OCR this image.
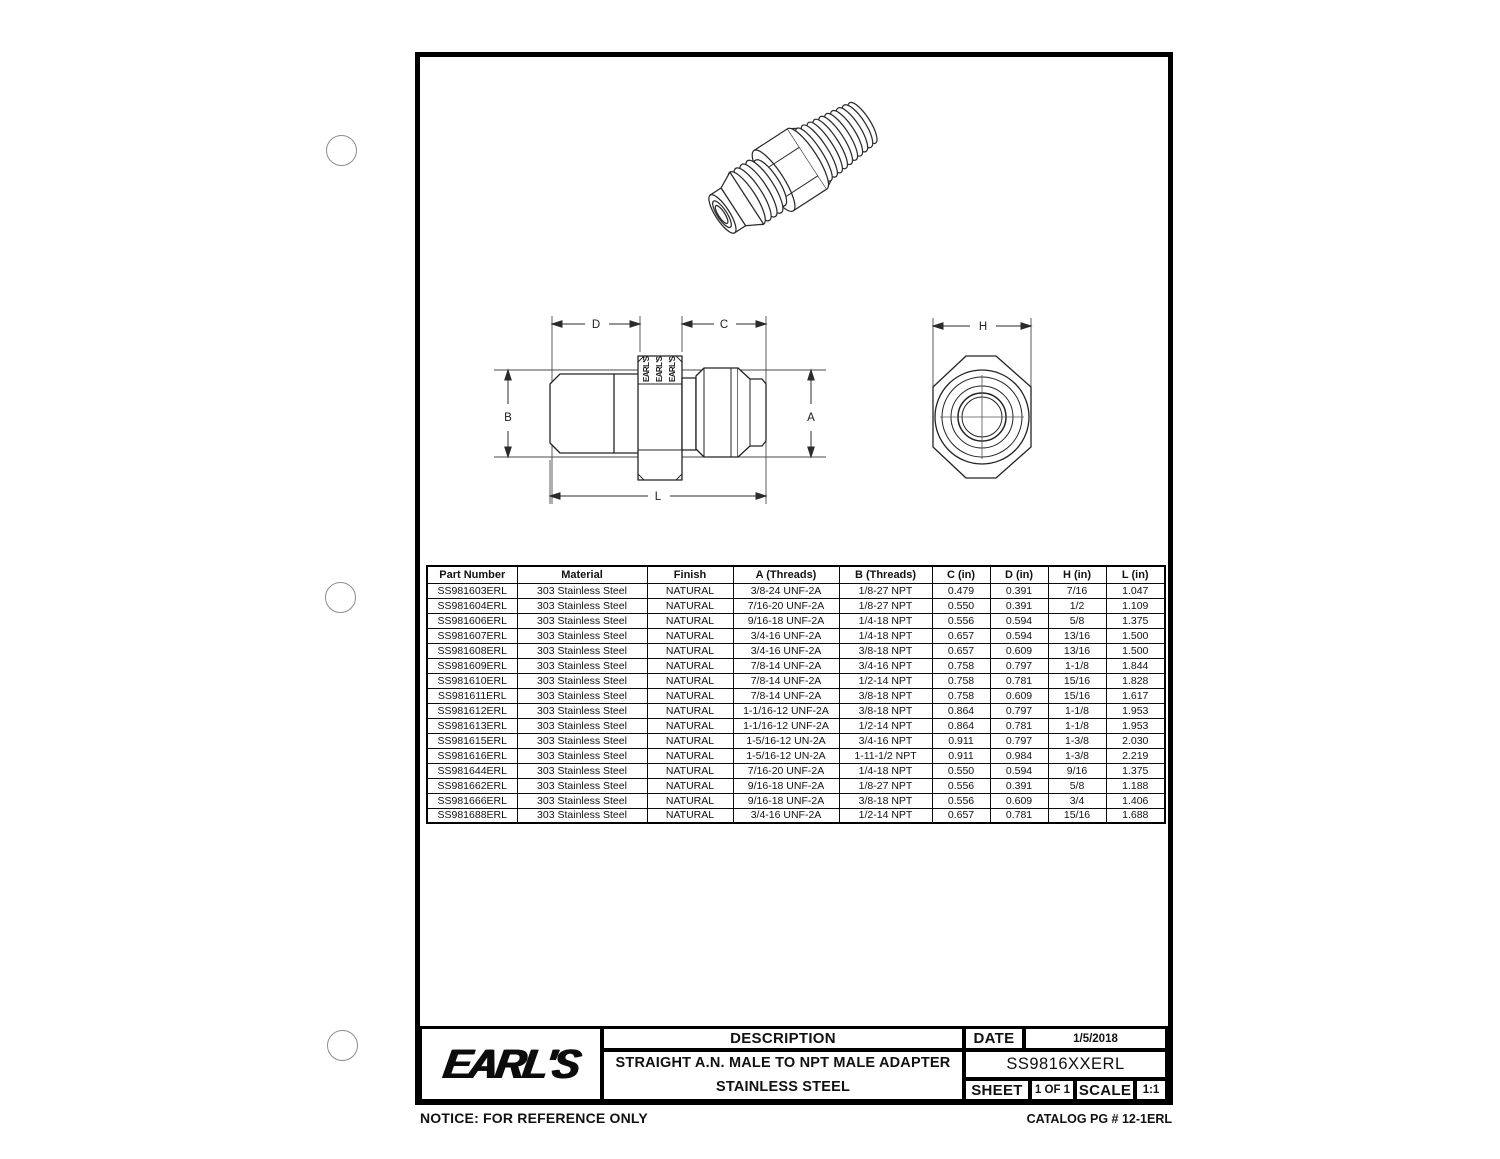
EARL'S EARL'S EARL'S
D	C
B	A
L
H
Part Number	Material	Finish	A (Threads)	B (Threads)	C (in)	D (in)	H (in)	L (in)
SS981603ERL	303 Stainless Steel	NATURAL	3/8-24 UNF-2A	1/8-27 NPT	0.479	0.391	7/16	1.047
SS981604ERL	303 Stainless Steel	NATURAL	7/16-20 UNF-2A	1/8-27 NPT	0.550	0.391	1/2	1.109
SS981606ERL	303 Stainless Steel	NATURAL	9/16-18 UNF-2A	1/4-18 NPT	0.556	0.594	5/8	1.375
SS981607ERL	303 Stainless Steel	NATURAL	3/4-16 UNF-2A	1/4-18 NPT	0.657	0.594	13/16	1.500
SS981608ERL	303 Stainless Steel	NATURAL	3/4-16 UNF-2A	3/8-18 NPT	0.657	0.609	13/16	1.500
SS981609ERL	303 Stainless Steel	NATURAL	7/8-14 UNF-2A	3/4-16 NPT	0.758	0.797	1-1/8	1.844
SS981610ERL	303 Stainless Steel	NATURAL	7/8-14 UNF-2A	1/2-14 NPT	0.758	0.781	15/16	1.828
SS981611ERL	303 Stainless Steel	NATURAL	7/8-14 UNF-2A	3/8-18 NPT	0.758	0.609	15/16	1.617
SS981612ERL	303 Stainless Steel	NATURAL	1-1/16-12 UNF-2A	3/8-18 NPT	0.864	0.797	1-1/8	1.953
SS981613ERL	303 Stainless Steel	NATURAL	1-1/16-12 UNF-2A	1/2-14 NPT	0.864	0.781	1-1/8	1.953
SS981615ERL	303 Stainless Steel	NATURAL	1-5/16-12 UN-2A	3/4-16 NPT	0.911	0.797	1-3/8	2.030
SS981616ERL	303 Stainless Steel	NATURAL	1-5/16-12 UN-2A	1-11-1/2 NPT	0.911	0.984	1-3/8	2.219
SS981644ERL	303 Stainless Steel	NATURAL	7/16-20 UNF-2A	1/4-18 NPT	0.550	0.594	9/16	1.375
SS981662ERL	303 Stainless Steel	NATURAL	9/16-18 UNF-2A	1/8-27 NPT	0.556	0.391	5/8	1.188
SS981666ERL	303 Stainless Steel	NATURAL	9/16-18 UNF-2A	3/8-18 NPT	0.556	0.609	3/4	1.406
SS981688ERL	303 Stainless Steel	NATURAL	3/4-16 UNF-2A	1/2-14 NPT	0.657	0.781	15/16	1.688
EARL'S
DESCRIPTION
STRAIGHT A.N. MALE TO NPT MALE ADAPTER
STAINLESS STEEL
DATE	1/5/2018
SS9816XXERL
SHEET 1 OF 1 SCALE 1:1
NOTICE: FOR REFERENCE ONLY	CATALOG PG # 12-1ERL
